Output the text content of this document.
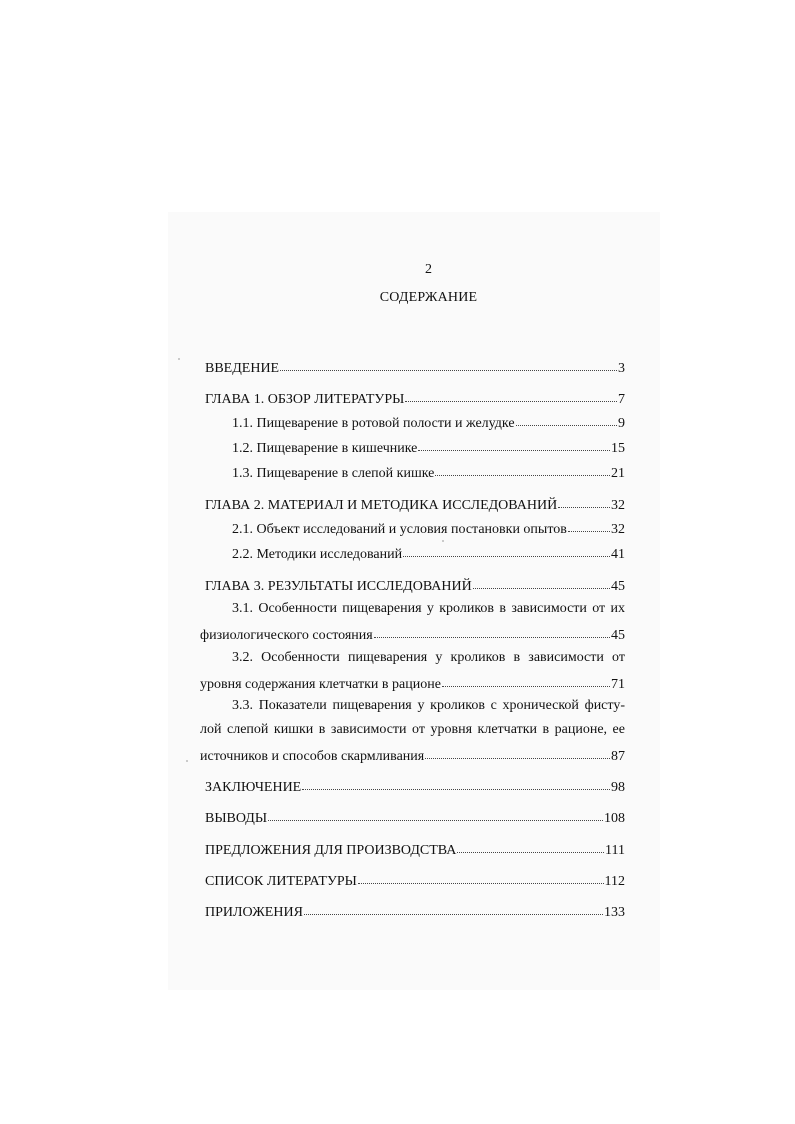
2
СОДЕРЖАНИЕ
ВВЕДЕНИЕ	3
ГЛАВА 1. ОБЗОР ЛИТЕРАТУРЫ	7
1.1. Пищеварение в ротовой полости и желудке	9
1.2. Пищеварение в кишечнике	15
1.3. Пищеварение в слепой кишке	21
ГЛАВА 2. МАТЕРИАЛ И МЕТОДИКА ИССЛЕДОВАНИЙ	32
2.1. Объект исследований и условия постановки опытов	32
2.2. Методики исследований	41
ГЛАВА 3. РЕЗУЛЬТАТЫ ИССЛЕДОВАНИЙ	45
3.1. Особенности пищеварения у кроликов в зависимости от их
физиологического состояния	45
3.2. Особенности пищеварения у кроликов в зависимости от
уровня содержания клетчатки в рационе	71
3.3. Показатели пищеварения у кроликов с хронической фисту-
лой слепой кишки в зависимости от уровня клетчатки в рационе, ее
источников и способов скармливания	87
ЗАКЛЮЧЕНИЕ	98
ВЫВОДЫ	108
ПРЕДЛОЖЕНИЯ ДЛЯ ПРОИЗВОДСТВА	111
СПИСОК ЛИТЕРАТУРЫ	112
ПРИЛОЖЕНИЯ	133
